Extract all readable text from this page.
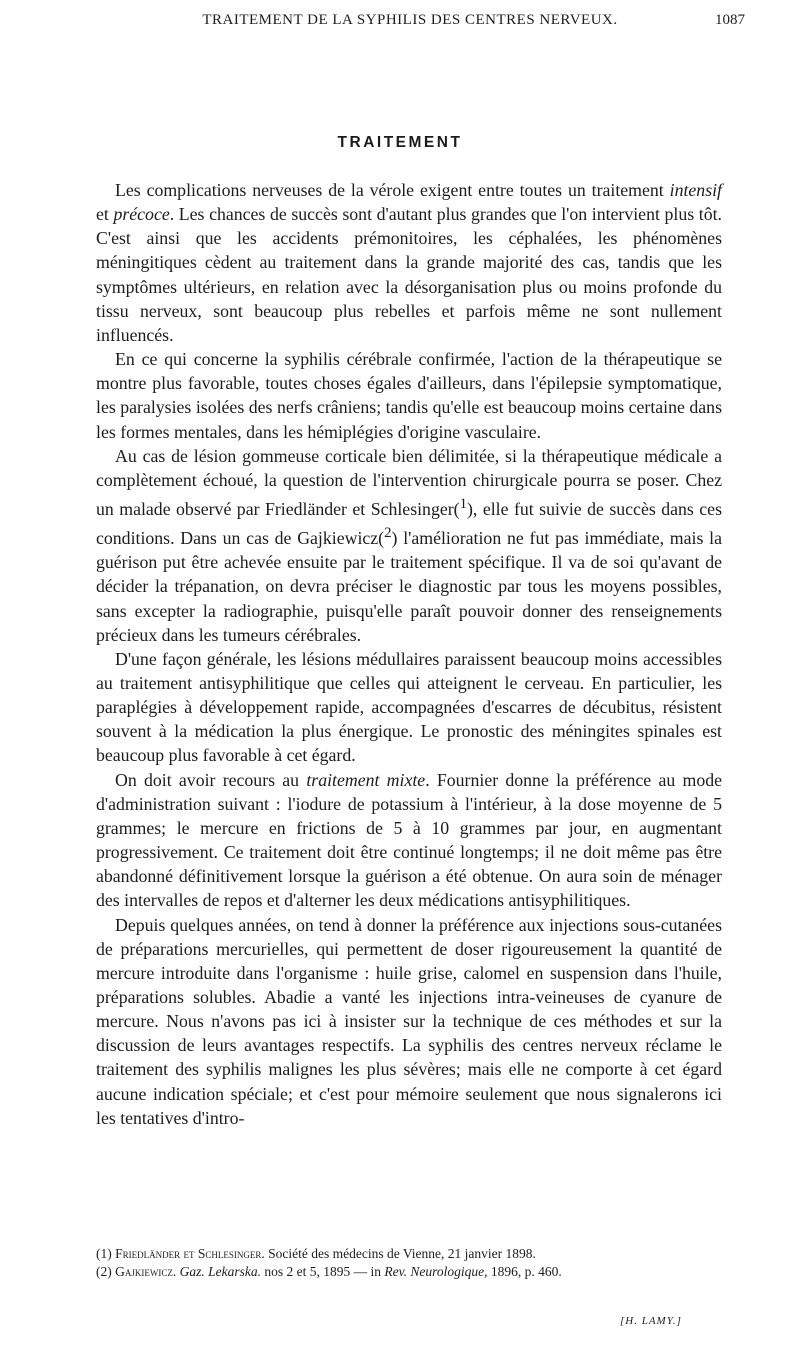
TRAITEMENT DE LA SYPHILIS DES CENTRES NERVEUX.	1087
TRAITEMENT

Les complications nerveuses de la vérole exigent entre toutes un traitement intensif et précoce. Les chances de succès sont d'autant plus grandes que l'on intervient plus tôt. C'est ainsi que les accidents prémonitoires, les céphalées, les phénomènes méningitiques cèdent au traitement dans la grande majorité des cas, tandis que les symptômes ultérieurs, en relation avec la désorganisation plus ou moins profonde du tissu nerveux, sont beaucoup plus rebelles et parfois même ne sont nullement influencés.

En ce qui concerne la syphilis cérébrale confirmée, l'action de la thérapeutique se montre plus favorable, toutes choses égales d'ailleurs, dans l'épilepsie symptomatique, les paralysies isolées des nerfs crâniens; tandis qu'elle est beaucoup moins certaine dans les formes mentales, dans les hémiplégies d'origine vasculaire.

Au cas de lésion gommeuse corticale bien délimitée, si la thérapeutique médicale a complètement échoué, la question de l'intervention chirurgicale pourra se poser. Chez un malade observé par Friedländer et Schlesinger($^1$), elle fut suivie de succès dans ces conditions. Dans un cas de Gajkiewicz($^2$) l'amélioration ne fut pas immédiate, mais la guérison put être achevée ensuite par le traitement spécifique. Il va de soi qu'avant de décider la trépanation, on devra préciser le diagnostic par tous les moyens possibles, sans excepter la radiographie, puisqu'elle paraît pouvoir donner des renseignements précieux dans les tumeurs cérébrales.

D'une façon générale, les lésions médullaires paraissent beaucoup moins accessibles au traitement antisyphilitique que celles qui atteignent le cerveau. En particulier, les paraplégies à développement rapide, accompagnées d'escarres de décubitus, résistent souvent à la médication la plus énergique. Le pronostic des méningites spinales est beaucoup plus favorable à cet égard.

On doit avoir recours au traitement mixte. Fournier donne la préférence au mode d'administration suivant : l'iodure de potassium à l'intérieur, à la dose moyenne de 5 grammes; le mercure en frictions de 5 à 10 grammes par jour, en augmentant progressivement. Ce traitement doit être continué longtemps; il ne doit même pas être abandonné définitivement lorsque la guérison a été obtenue. On aura soin de ménager des intervalles de repos et d'alterner les deux médications antisyphilitiques.

Depuis quelques années, on tend à donner la préférence aux injections sous-cutanées de préparations mercurielles, qui permettent de doser rigoureusement la quantité de mercure introduite dans l'organisme : huile grise, calomel en suspension dans l'huile, préparations solubles. Abadie a vanté les injections intra-veineuses de cyanure de mercure. Nous n'avons pas ici à insister sur la technique de ces méthodes et sur la discussion de leurs avantages respectifs. La syphilis des centres nerveux réclame le traitement des syphilis malignes les plus sévères; mais elle ne comporte à cet égard aucune indication spéciale; et c'est pour mémoire seulement que nous signalerons ici les tentatives d'intro-

(1) Friedländer et Schlesinger. Société des médecins de Vienne, 21 janvier 1898.

(2) Gajkiewicz. Gaz. Lekarska. nos 2 et 5, 1895 — in Rev. Neurologique, 1896, p. 460.

[H. LAMY.]
